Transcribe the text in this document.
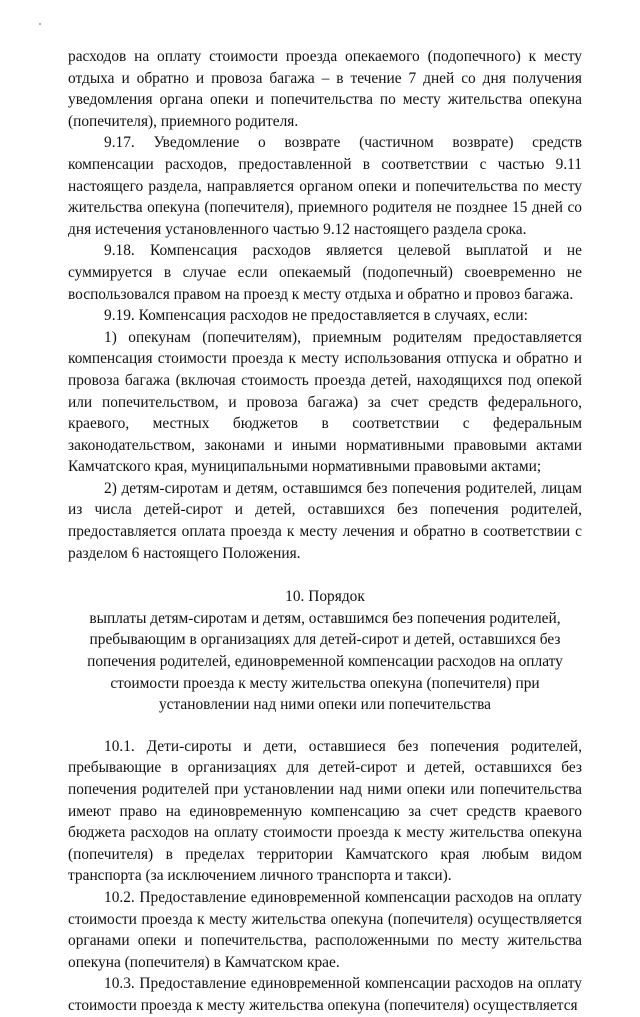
расходов на оплату стоимости проезда опекаемого (подопечного) к месту отдыха и обратно и провоза багажа – в течение 7 дней со дня получения уведомления органа опеки и попечительства по месту жительства опекуна (попечителя), приемного родителя.

9.17. Уведомление о возврате (частичном возврате) средств компенсации расходов, предоставленной в соответствии с частью 9.11 настоящего раздела, направляется органом опеки и попечительства по месту жительства опекуна (попечителя), приемного родителя не позднее 15 дней со дня истечения установленного частью 9.12 настоящего раздела срока.

9.18. Компенсация расходов является целевой выплатой и не суммируется в случае если опекаемый (подопечный) своевременно не воспользовался правом на проезд к месту отдыха и обратно и провоз багажа.

9.19. Компенсация расходов не предоставляется в случаях, если:

1) опекунам (попечителям), приемным родителям предоставляется компенсация стоимости проезда к месту использования отпуска и обратно и провоза багажа (включая стоимость проезда детей, находящихся под опекой или попечительством, и провоза багажа) за счет средств федерального, краевого, местных бюджетов в соответствии с федеральным законодательством, законами и иными нормативными правовыми актами Камчатского края, муниципальными нормативными правовыми актами;

2) детям-сиротам и детям, оставшимся без попечения родителей, лицам из числа детей-сирот и детей, оставшихся без попечения родителей, предоставляется оплата проезда к месту лечения и обратно в соответствии с разделом 6 настоящего Положения.

10. Порядок

выплаты детям-сиротам и детям, оставшимся без попечения родителей, пребывающим в организациях для детей-сирот и детей, оставшихся без попечения родителей, единовременной компенсации расходов на оплату стоимости проезда к месту жительства опекуна (попечителя) при установлении над ними опеки или попечительства

10.1. Дети-сироты и дети, оставшиеся без попечения родителей, пребывающие в организациях для детей-сирот и детей, оставшихся без попечения родителей при установлении над ними опеки или попечительства имеют право на единовременную компенсацию за счет средств краевого бюджета расходов на оплату стоимости проезда к месту жительства опекуна (попечителя) в пределах территории Камчатского края любым видом транспорта (за исключением личного транспорта и такси).

10.2. Предоставление единовременной компенсации расходов на оплату стоимости проезда к месту жительства опекуна (попечителя) осуществляется органами опеки и попечительства, расположенными по месту жительства опекуна (попечителя) в Камчатском крае.

10.3. Предоставление единовременной компенсации расходов на оплату стоимости проезда к месту жительства опекуна (попечителя) осуществляется
